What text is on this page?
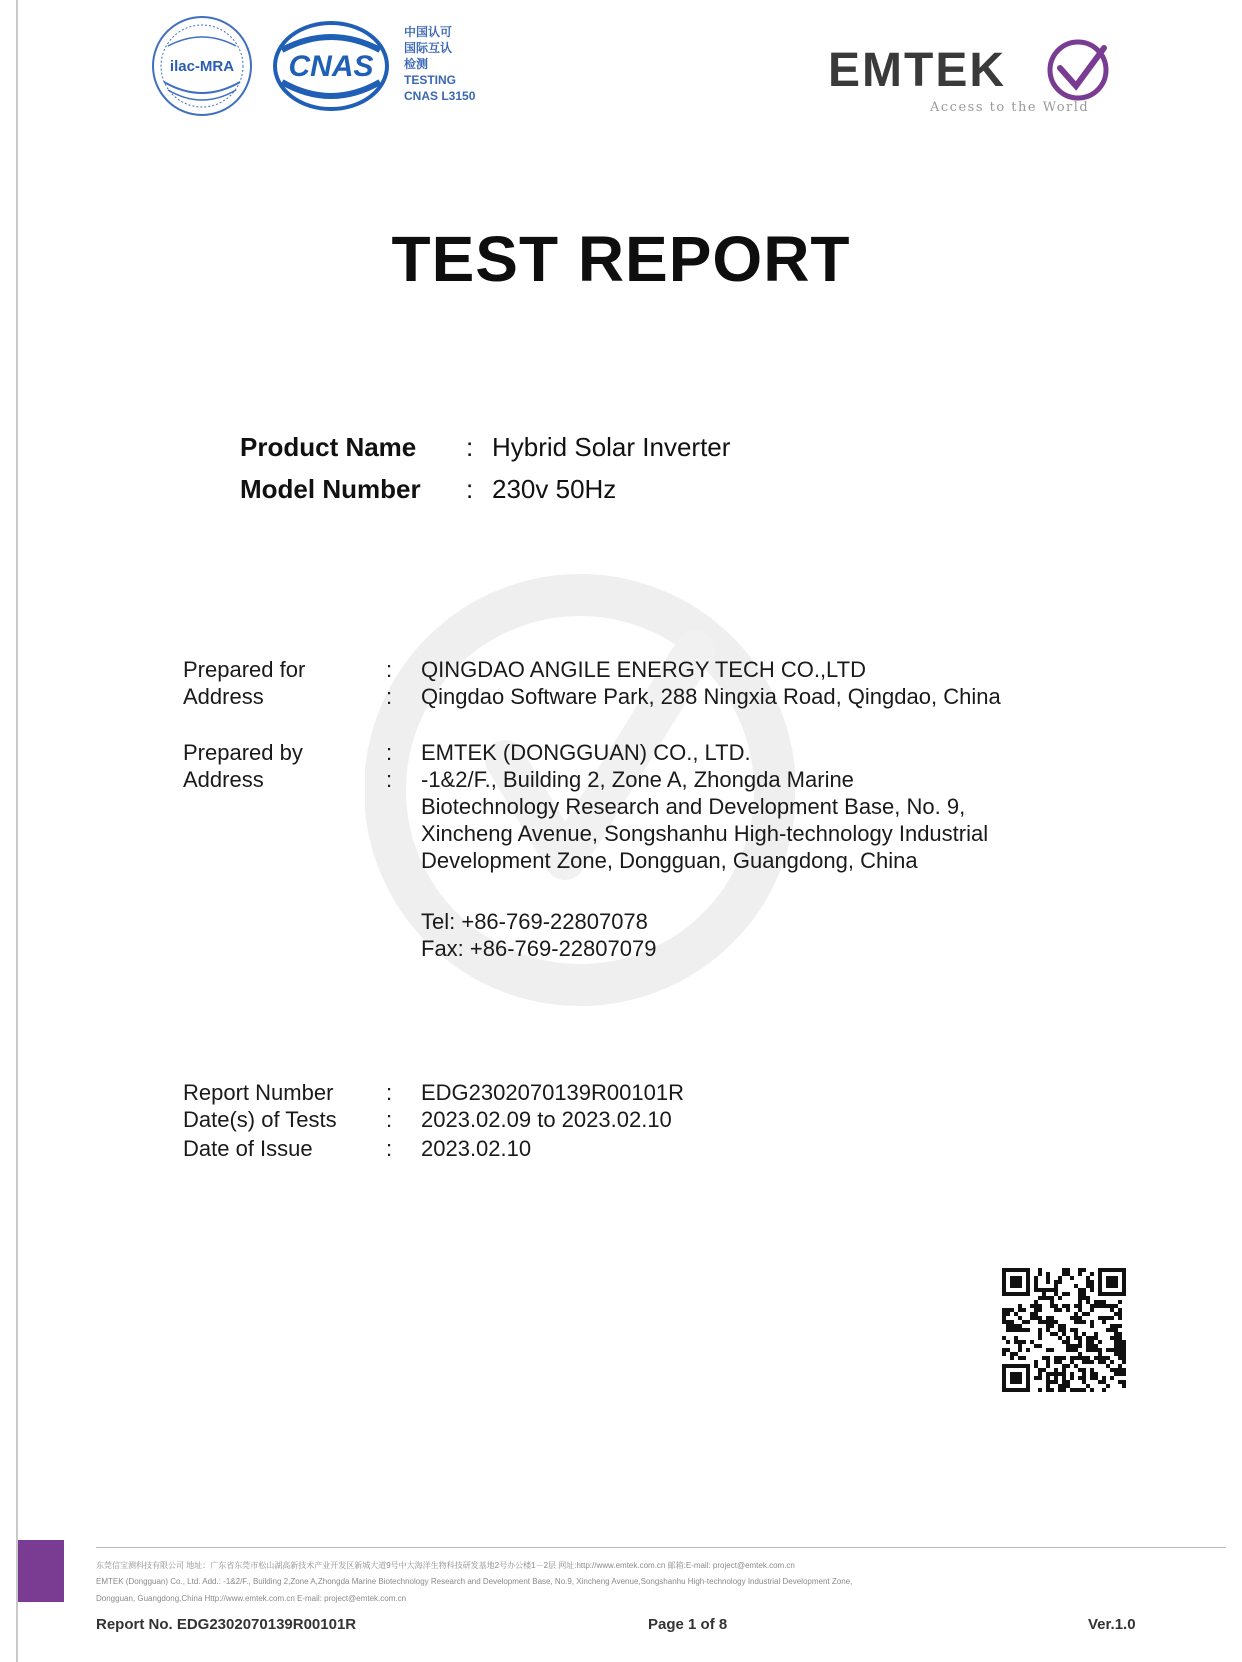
ilac-MRA CNAS
中国认可
国际互认
检测
TESTING
CNAS L3150	EMTEK
Access to the World
TEST REPORT
Product Name : Hybrid Solar Inverter
Model Number : 230v 50Hz
Prepared for	: QINGDAO ANGILE ENERGY TECH CO.,LTD
Address	: Qingdao Software Park, 288 Ningxia Road, Qingdao, China
Prepared by	: EMTEK (DONGGUAN) CO., LTD.
Address	: -1&2/F., Building 2, Zone A, Zhongda Marine
Biotechnology Research and Development Base, No. 9,
Xincheng Avenue, Songshanhu High-technology Industrial
Development Zone, Dongguan, Guangdong, China
Tel: +86-769-22807078
Fax: +86-769-22807079
Report Number : EDG2302070139R00101R
Date(s) of Tests : 2023.02.09 to 2023.02.10
Date of Issue	: 2023.02.10
东莞信宝测科技有限公司 地址：广东省东莞市松山湖高新技术产业开发区新城大道9号中大海洋生物科技研发基地2号办公楼1－2层 网址:http://www.emtek.com.cn 邮箱:E-mail: project@emtek.com.cn
EMTEK (Dongguan) Co., Ltd. Add.: -1&2/F., Building 2,Zone A,Zhongda Marine Biotechnology Research and Development Base, No.9, Xincheng Avenue,Songshanhu High-technology Industrial Development Zone,
Dongguan, Guangdong,China Http://www.emtek.com.cn E-mail: project@emtek.com.cn
Report No. EDG2302070139R00101R	Page 1 of 8	Ver.1.0
